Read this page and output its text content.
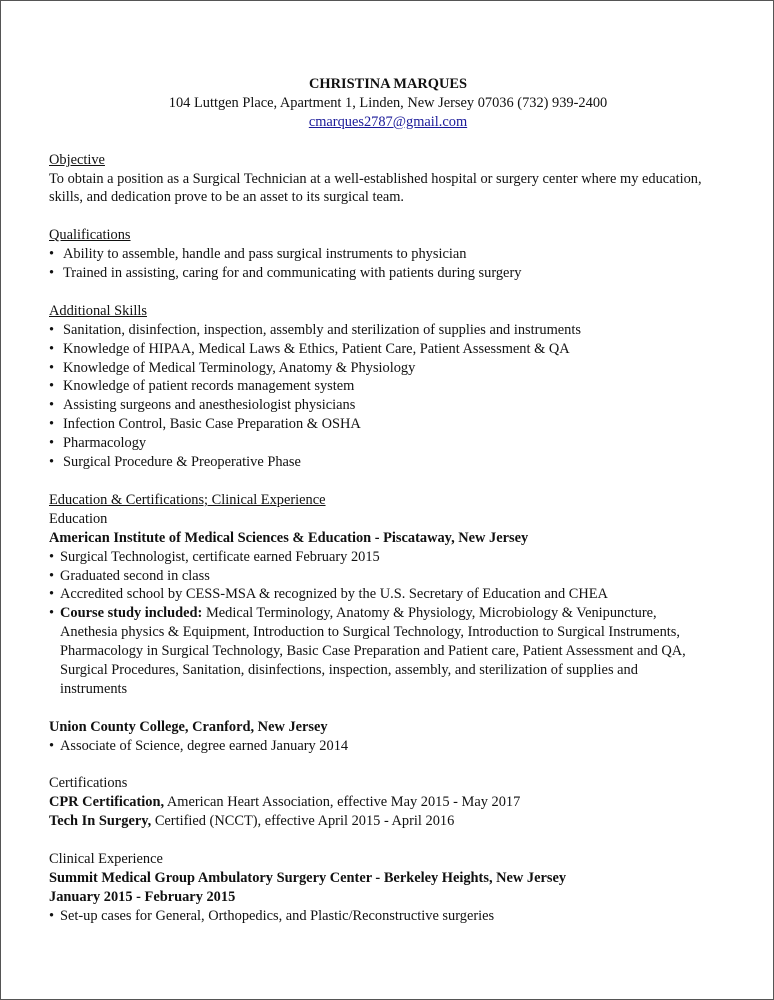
CHRISTINA MARQUES
104 Luttgen Place, Apartment 1, Linden, New Jersey 07036 (732) 939-2400
cmarques2787@gmail.com
Objective
To obtain a position as a Surgical Technician at a well-established hospital or surgery center where my education, skills, and dedication prove to be an asset to its surgical team.
Qualifications
• Ability to assemble, handle and pass surgical instruments to physician
• Trained in assisting, caring for and communicating with patients during surgery
Additional Skills
• Sanitation, disinfection, inspection, assembly and sterilization of supplies and instruments
• Knowledge of HIPAA, Medical Laws & Ethics, Patient Care, Patient Assessment & QA
• Knowledge of Medical Terminology, Anatomy & Physiology
• Knowledge of patient records management system
• Assisting surgeons and anesthesiologist physicians
• Infection Control, Basic Case Preparation & OSHA
• Pharmacology
• Surgical Procedure & Preoperative Phase
Education & Certifications; Clinical Experience
Education
American Institute of Medical Sciences & Education - Piscataway, New Jersey
• Surgical Technologist, certificate earned February 2015
• Graduated second in class
• Accredited school by CESS-MSA & recognized by the U.S. Secretary of Education and CHEA
• Course study included: Medical Terminology, Anatomy & Physiology, Microbiology & Venipuncture, Anethesia physics & Equipment, Introduction to Surgical Technology, Introduction to Surgical Instruments, Pharmacology in Surgical Technology, Basic Case Preparation and Patient care, Patient Assessment and QA, Surgical Procedures, Sanitation, disinfections, inspection, assembly, and sterilization of supplies and instruments
Union County College, Cranford, New Jersey
• Associate of Science, degree earned January 2014
Certifications
CPR Certification, American Heart Association, effective May 2015 - May 2017
Tech In Surgery, Certified (NCCT), effective April 2015 - April 2016
Clinical Experience
Summit Medical Group Ambulatory Surgery Center - Berkeley Heights, New Jersey
January 2015 - February 2015
• Set-up cases for General, Orthopedics, and Plastic/Reconstructive surgeries
